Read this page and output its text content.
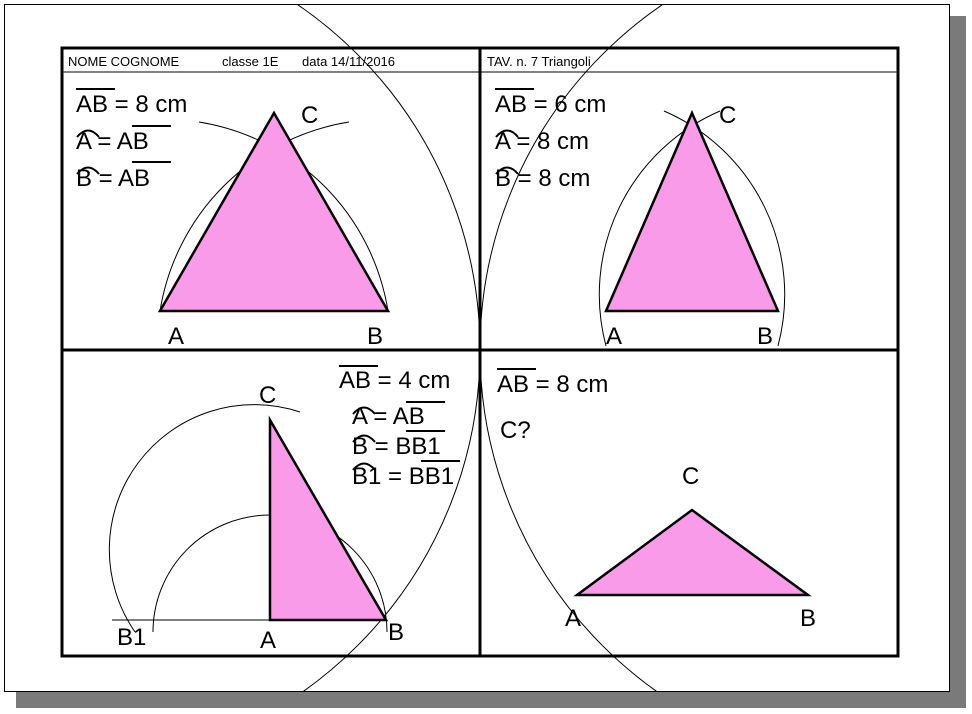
NOME COGNOME	classe 1E data 14/11/2016	TAV. n. 7 Triangoli
AB = 8 cm
A = AB
B = AB
A	B
C	AB = 6 cm
A = 8 cm
B = 8 cm
A	B
C
AB = 4 cm
A = AB
B = BB1
B1 = BB1
A	B
C
B1
AB = 8 cm
C?
A	B
C
